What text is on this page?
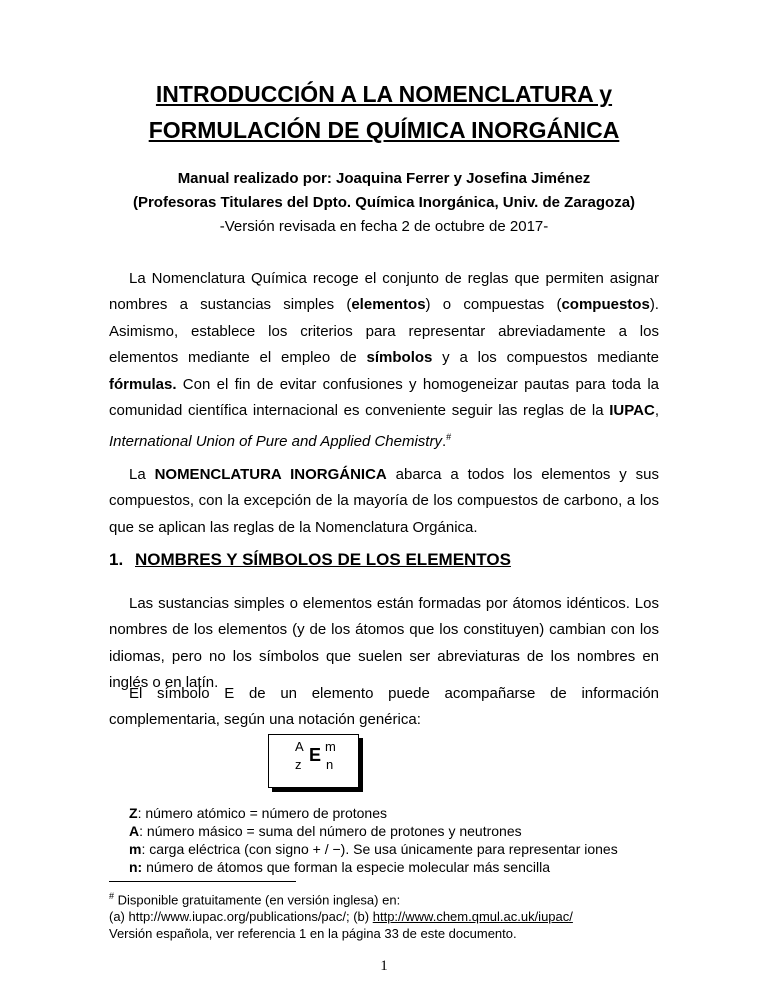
INTRODUCCIÓN A LA NOMENCLATURA y
FORMULACIÓN DE QUÍMICA INORGÁNICA
Manual realizado por: Joaquina Ferrer y Josefina Jiménez
(Profesoras Titulares del Dpto. Química Inorgánica, Univ. de Zaragoza)
-Versión revisada en fecha 2 de octubre de 2017-

La Nomenclatura Química recoge el conjunto de reglas que permiten asignar nombres a sustancias simples (elementos) o compuestas (compuestos). Asimismo, establece los criterios para representar abreviadamente a los elementos mediante el empleo de símbolos y a los compuestos mediante fórmulas. Con el fin de evitar confusiones y homogeneizar pautas para toda la comunidad científica internacional es conveniente seguir las reglas de la IUPAC, International Union of Pure and Applied Chemistry.#

La NOMENCLATURA INORGÁNICA abarca a todos los elementos y sus compuestos, con la excepción de la mayoría de los compuestos de carbono, a los que se aplican las reglas de la Nomenclatura Orgánica.

1. NOMBRES Y SÍMBOLOS DE LOS ELEMENTOS

Las sustancias simples o elementos están formadas por átomos idénticos. Los nombres de los elementos (y de los átomos que los constituyen) cambian con los idiomas, pero no los símbolos que suelen ser abreviaturas de los nombres en inglés o en latín.

El símbolo E de un elemento puede acompañarse de información complementaria, según una notación genérica:

A
z E m
n
Z: número atómico = número de protones
A: número másico = suma del número de protones y neutrones
m: carga eléctrica (con signo + / −). Se usa únicamente para representar iones
n: número de átomos que forman la especie molecular más sencilla
# Disponible gratuitamente (en versión inglesa) en:
(a) http://www.iupac.org/publications/pac/; (b) http://www.chem.qmul.ac.uk/iupac/
Versión española, ver referencia 1 en la página 33 de este documento.
1
